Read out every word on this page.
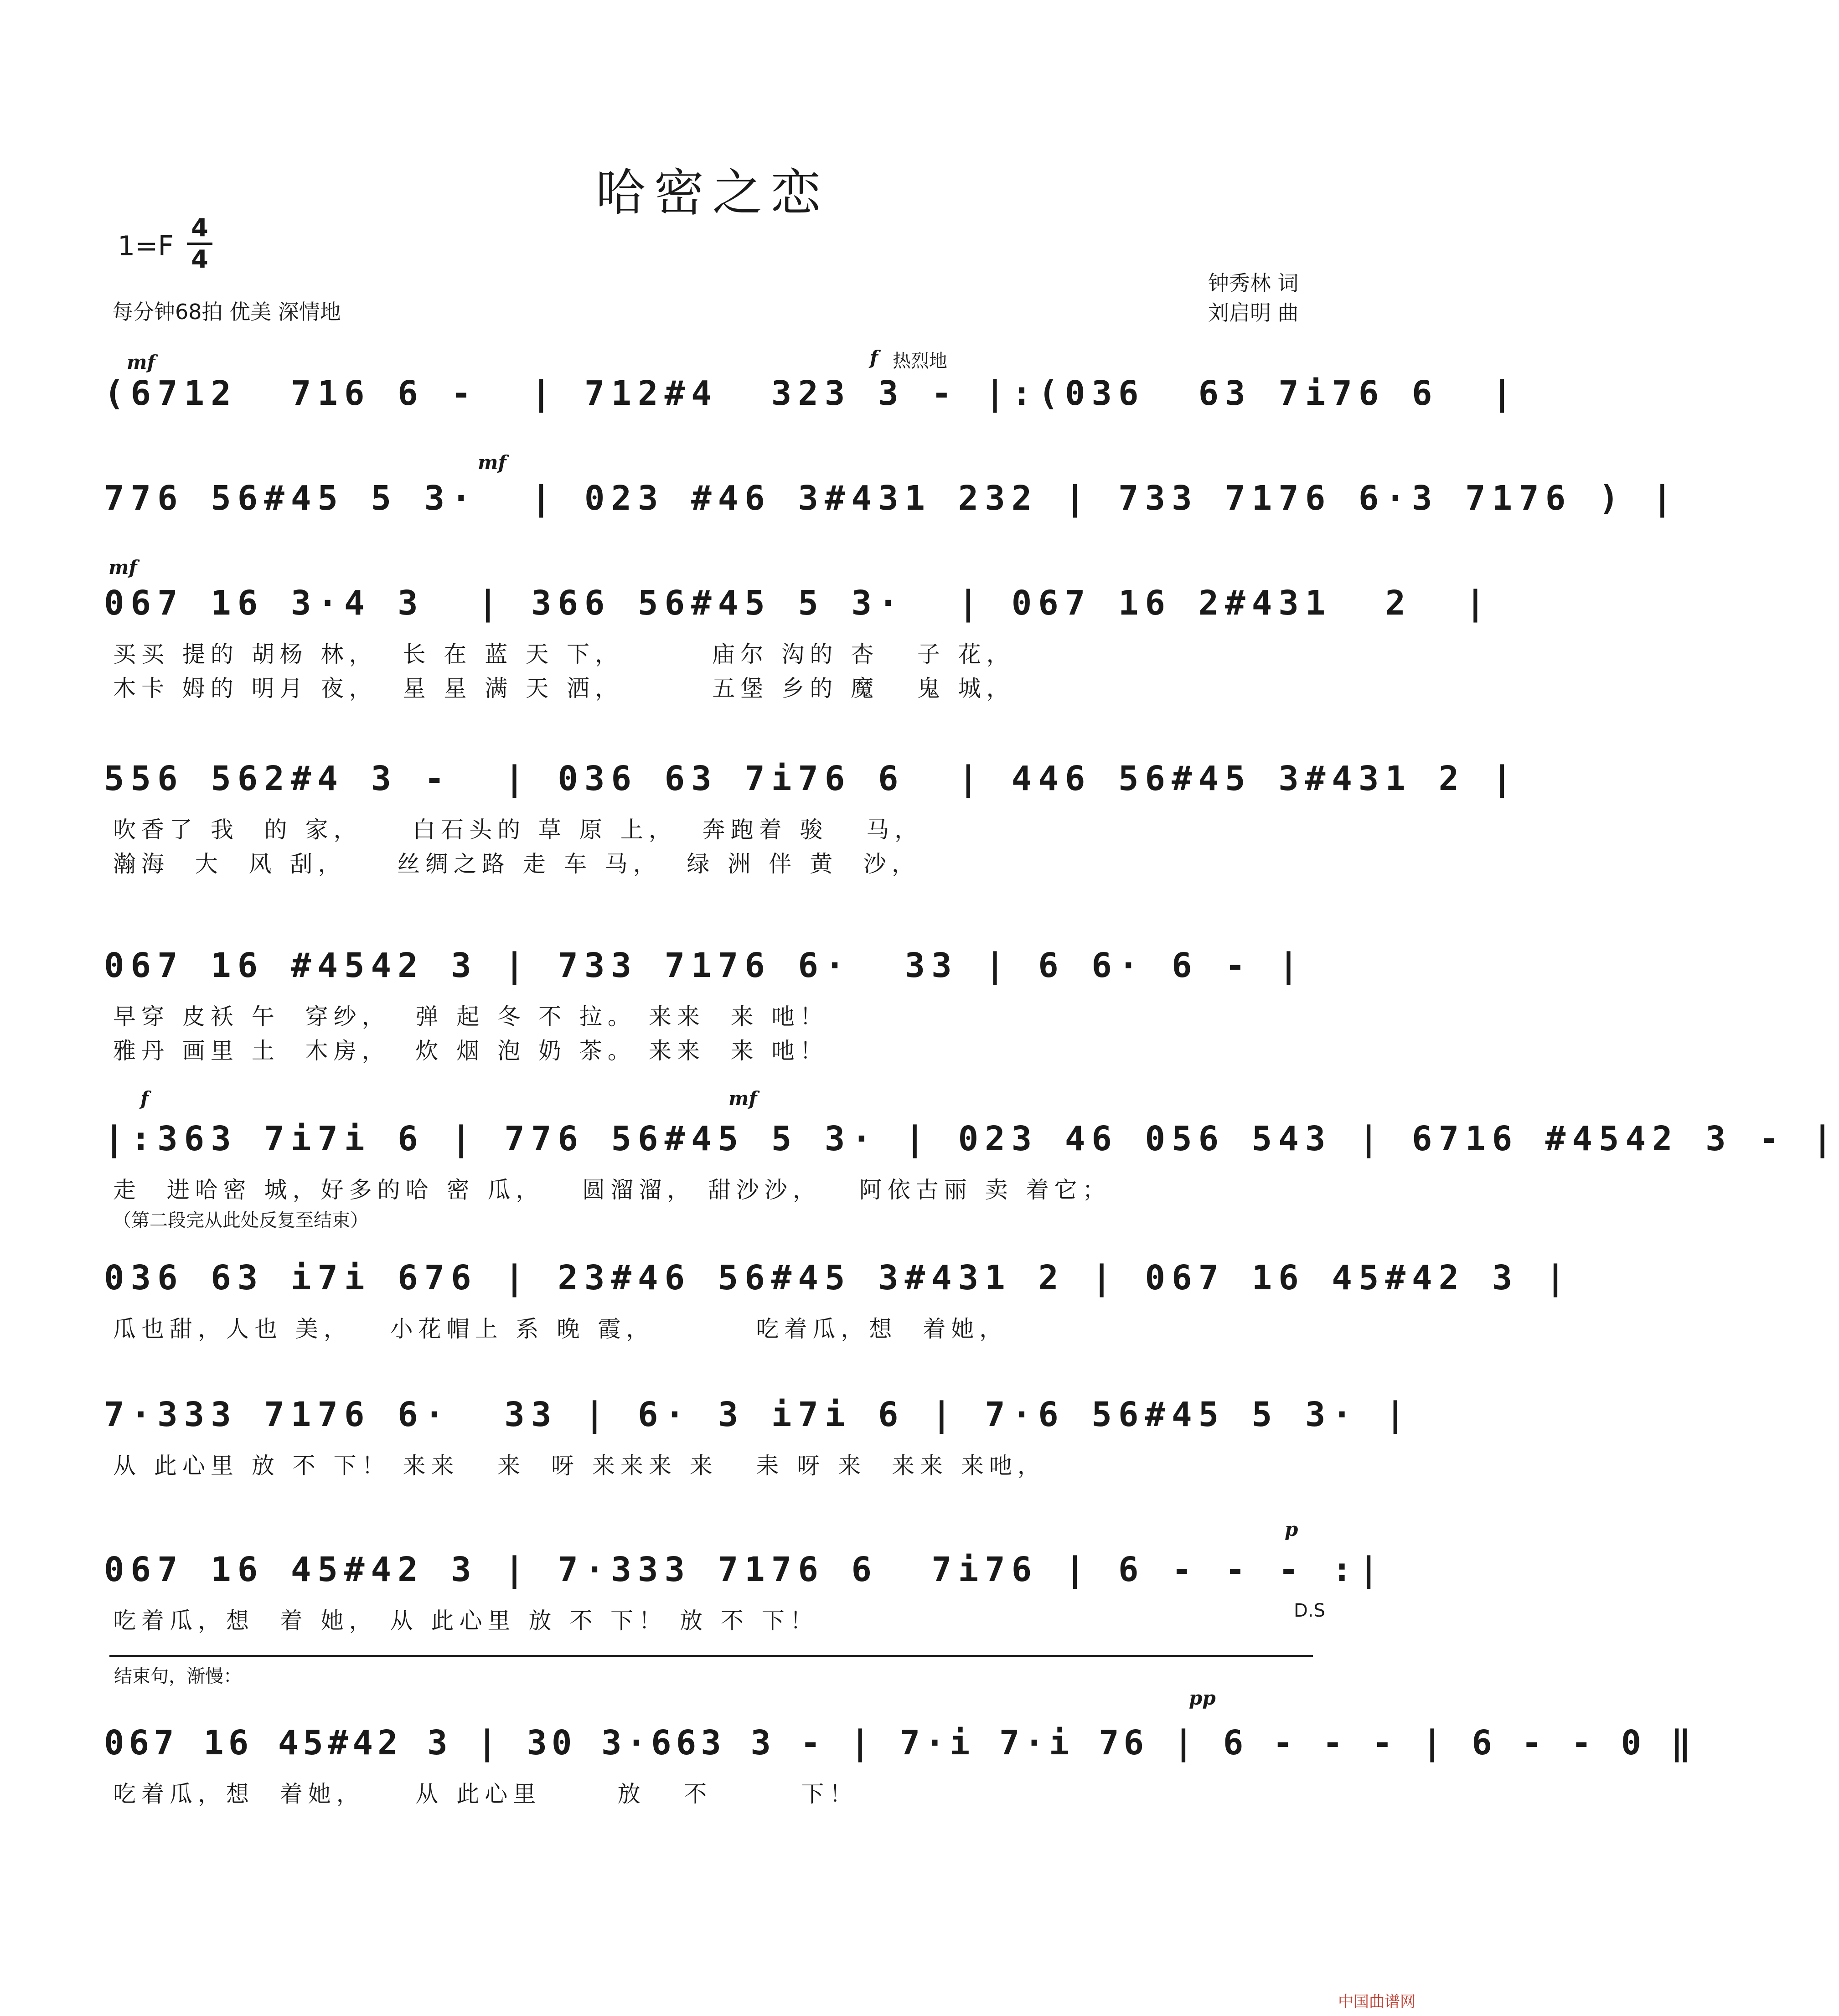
哈密之恋
1=F
4
4
每分钟68拍 优美 深情地
钟秀林 词
刘启明 曲
mf	f 热烈地
(6712  716 6 -  | 712#4  323 3 - |:(036  63 7i76 6  |
mf
776 56#45 5 3·  | 023 #46 3#431 232 | 733 7176 6·3 7176 ) |
mf
067 16 3·4 3  | 366 56#45 5 3·  | 067 16 2#431  2  |
买买 提的 胡杨 林，  长 在 蓝 天 下，       庙尔 沟的 杏   子 花，
木卡 姆的 明月 夜，  星 星 满 天 洒，       五堡 乡的 魔   鬼 城，
556 562#4 3 -  | 036 63 7i76 6  | 446 56#45 3#431 2 |
吹香了 我  的 家，    白石头的 草 原 上，  奔跑着 骏   马，
瀚海  大  风 刮，    丝绸之路 走 车 马，  绿 洲 伴 黄  沙，
067 16 #4542 3 | 733 7176 6·  33 | 6 6· 6 - |
早穿 皮袄 午  穿纱，  弹 起 冬 不 拉。 来来  来 吔！
雅丹 画里 土  木房，  炊 烟 泡 奶 茶。 来来  来 吔！
f	mf
|:363 7i7i 6 | 776 56#45 5 3· | 023 46 056 543 | 6716 #4542 3 - |
走  进哈密 城，好多的哈 密 瓜，   圆溜溜， 甜沙沙，   阿依古丽 卖 着它；
（第二段完从此处反复至结束）
036 63 i7i 676 | 23#46 56#45 3#431 2 | 067 16 45#42 3 |
瓜也甜，人也 美，   小花帽上 系 晚 霞，        吃着瓜，想  着她，
7·333 7176 6·  33 | 6· 3 i7i 6 | 7·6 56#45 5 3· |
从 此心里 放 不 下！ 来来   来  呀 来来来 来   耒 呀 来  来来 来吔，
p
067 16 45#42 3 | 7·333 7176 6  7i76 | 6 - - - :|
吃着瓜，想  着 她， 从 此心里 放 不 下！ 放 不 下！	D.S
结束句，渐慢：
pp
067 16 45#42 3 | 30 3·663 3 - | 7·i 7·i 76 | 6 - - - | 6 - - 0 ‖
吃着瓜，想  着她，    从 此心里      放   不       下！
中国曲谱网
